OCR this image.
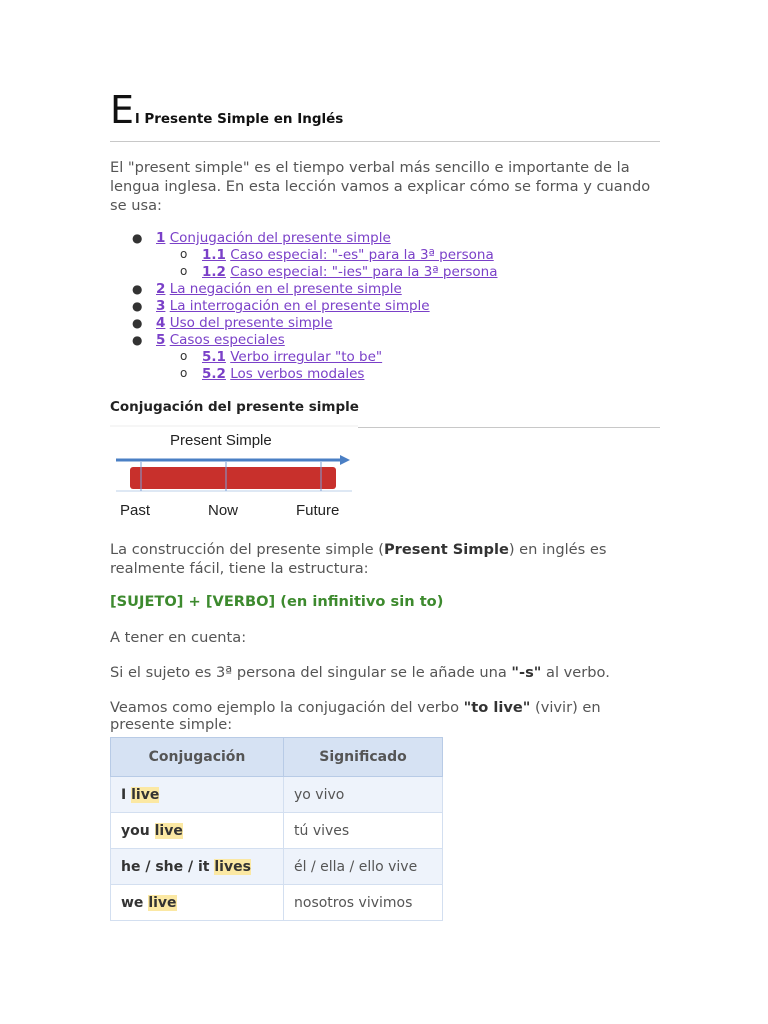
El Presente Simple en Inglés
El "present simple" es el tiempo verbal más sencillo e importante de la lengua inglesa. En esta lección vamos a explicar cómo se forma y cuando se usa:
● 1 Conjugación del presente simple
o 1.1 Caso especial: "-es" para la 3ª persona
o 1.2 Caso especial: "-ies" para la 3ª persona
● 2 La negación en el presente simple
● 3 La interrogación en el presente simple
● 4 Uso del presente simple
● 5 Casos especiales
o 5.1 Verbo irregular "to be"
o 5.2 Los verbos modales
Conjugación del presente simple
Present Simple
Past	Now	Future
La construcción del presente simple (Present Simple) en inglés es realmente fácil, tiene la estructura:
[SUJETO] + [VERBO] (en infinitivo sin to)
A tener en cuenta:
Si el sujeto es 3ª persona del singular se le añade una "-s" al verbo.
Veamos como ejemplo la conjugación del verbo "to live" (vivir) en presente simple:
Conjugación	Significado
I live	yo vivo
you live	tú vives
he / she / it lives	él / ella / ello vive
we live	nosotros vivimos
